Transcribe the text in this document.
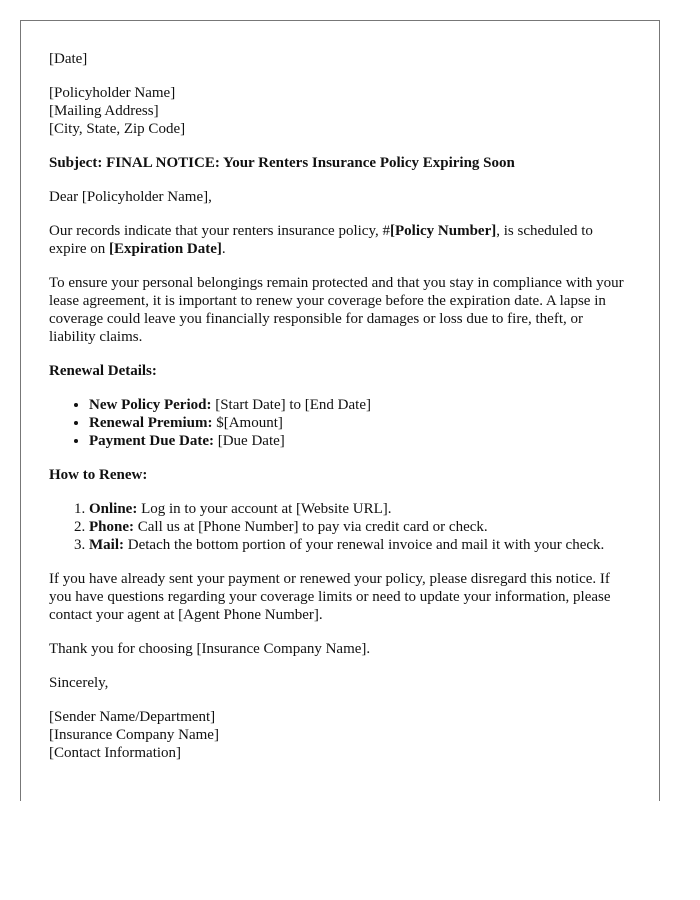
[Date]

[Policyholder Name]
[Mailing Address]
[City, State, Zip Code]

Subject: FINAL NOTICE: Your Renters Insurance Policy Expiring Soon

Dear [Policyholder Name],

Our records indicate that your renters insurance policy, #[Policy Number], is scheduled to expire on [Expiration Date].

To ensure your personal belongings remain protected and that you stay in compliance with your lease agreement, it is important to renew your coverage before the expiration date. A lapse in coverage could leave you financially responsible for damages or loss due to fire, theft, or liability claims.

Renewal Details:
• New Policy Period: [Start Date] to [End Date]
• Renewal Premium: $[Amount]
• Payment Due Date: [Due Date]
How to Renew:
1. Online: Log in to your account at [Website URL].
2. Phone: Call us at [Phone Number] to pay via credit card or check.
3. Mail: Detach the bottom portion of your renewal invoice and mail it with your check.

If you have already sent your payment or renewed your policy, please disregard this notice. If you have questions regarding your coverage limits or need to update your information, please contact your agent at [Agent Phone Number].

Thank you for choosing [Insurance Company Name].

Sincerely,

[Sender Name/Department]
[Insurance Company Name]
[Contact Information]
